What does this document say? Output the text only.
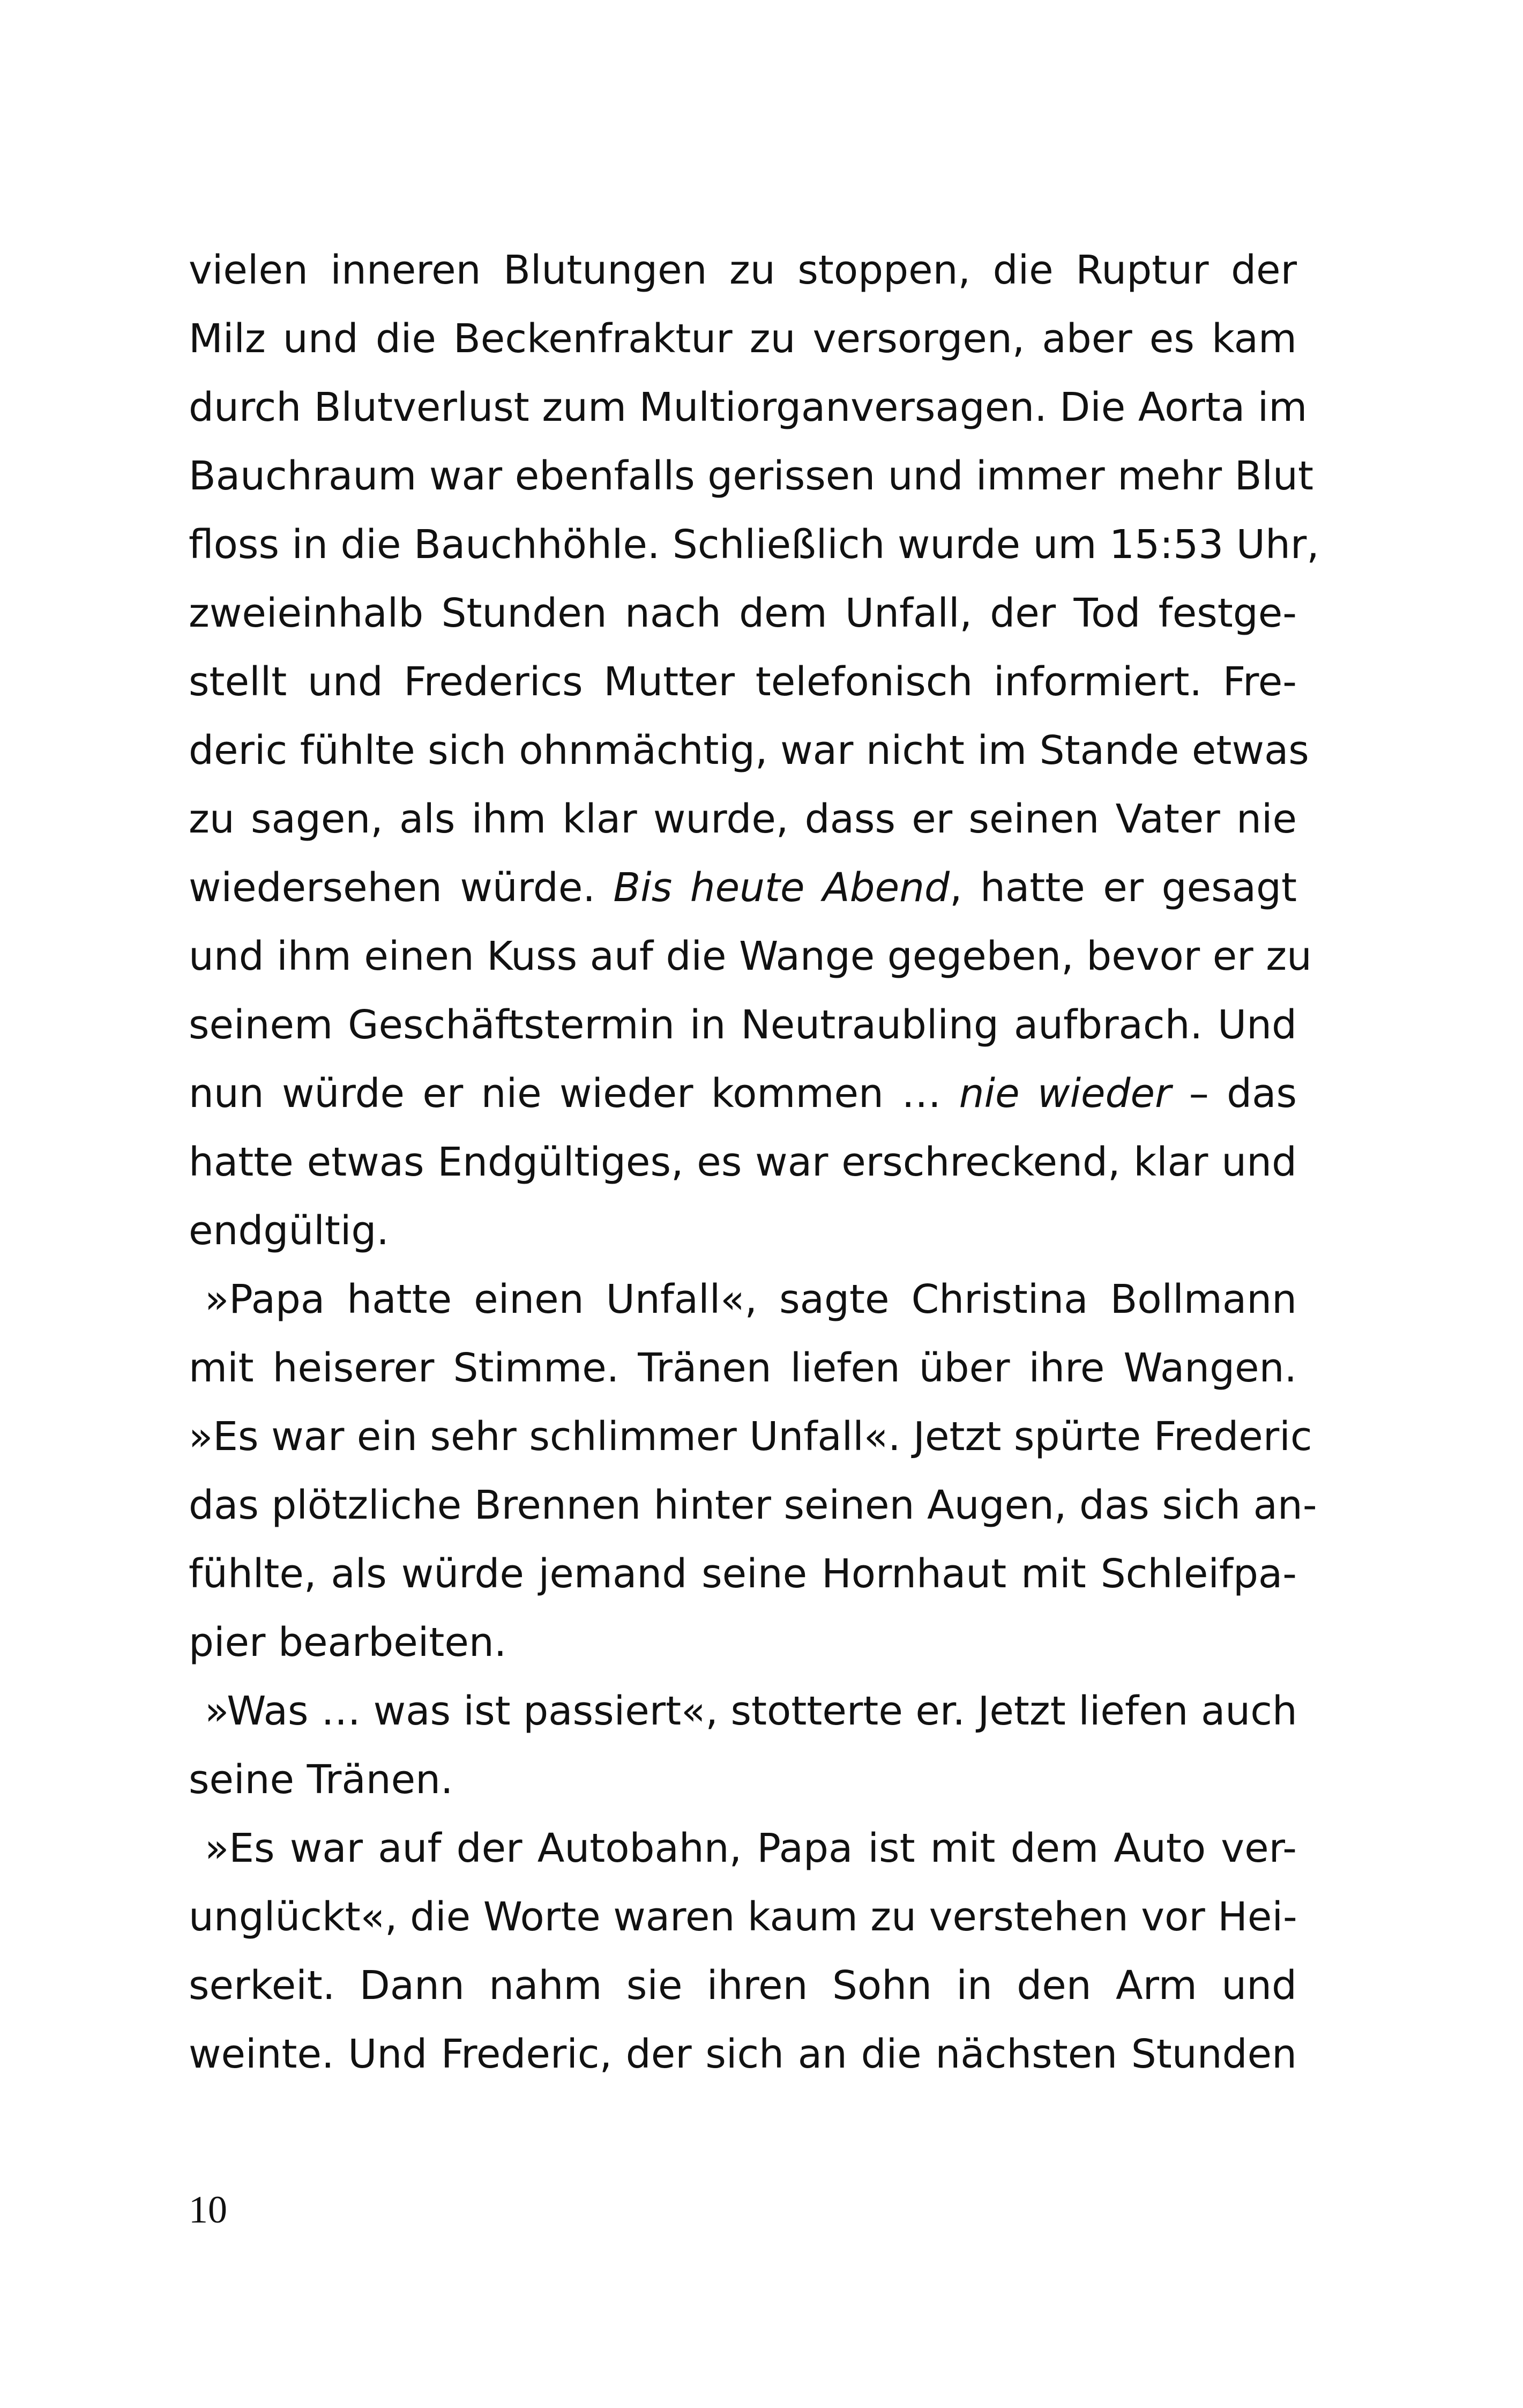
vielen inneren Blutungen zu stoppen, die Ruptur der
Milz und die Beckenfraktur zu versorgen, aber es kam
durch Blutverlust zum Multiorganversagen. Die Aorta im
Bauchraum war ebenfalls gerissen und immer mehr Blut
floss in die Bauchhöhle. Schließlich wurde um 15:53 Uhr,
zweieinhalb Stunden nach dem Unfall, der Tod festge-
stellt und Frederics Mutter telefonisch informiert. Fre-
deric fühlte sich ohnmächtig, war nicht im Stande etwas
zu sagen, als ihm klar wurde, dass er seinen Vater nie
wiedersehen würde. Bis heute Abend, hatte er gesagt
und ihm einen Kuss auf die Wange gegeben, bevor er zu
seinem Geschäftstermin in Neutraubling aufbrach. Und
nun würde er nie wieder kommen … nie wieder – das
hatte etwas Endgültiges, es war erschreckend, klar und
endgültig.
»Papa hatte einen Unfall«, sagte Christina Bollmann
mit heiserer Stimme. Tränen liefen über ihre Wangen.
»Es war ein sehr schlimmer Unfall«. Jetzt spürte Frederic
das plötzliche Brennen hinter seinen Augen, das sich an-
fühlte, als würde jemand seine Hornhaut mit Schleifpa-
pier bearbeiten.
»Was … was ist passiert«, stotterte er. Jetzt liefen auch
seine Tränen.
»Es war auf der Autobahn, Papa ist mit dem Auto ver-
unglückt«, die Worte waren kaum zu verstehen vor Hei-
serkeit. Dann nahm sie ihren Sohn in den Arm und
weinte. Und Frederic, der sich an die nächsten Stunden
10
